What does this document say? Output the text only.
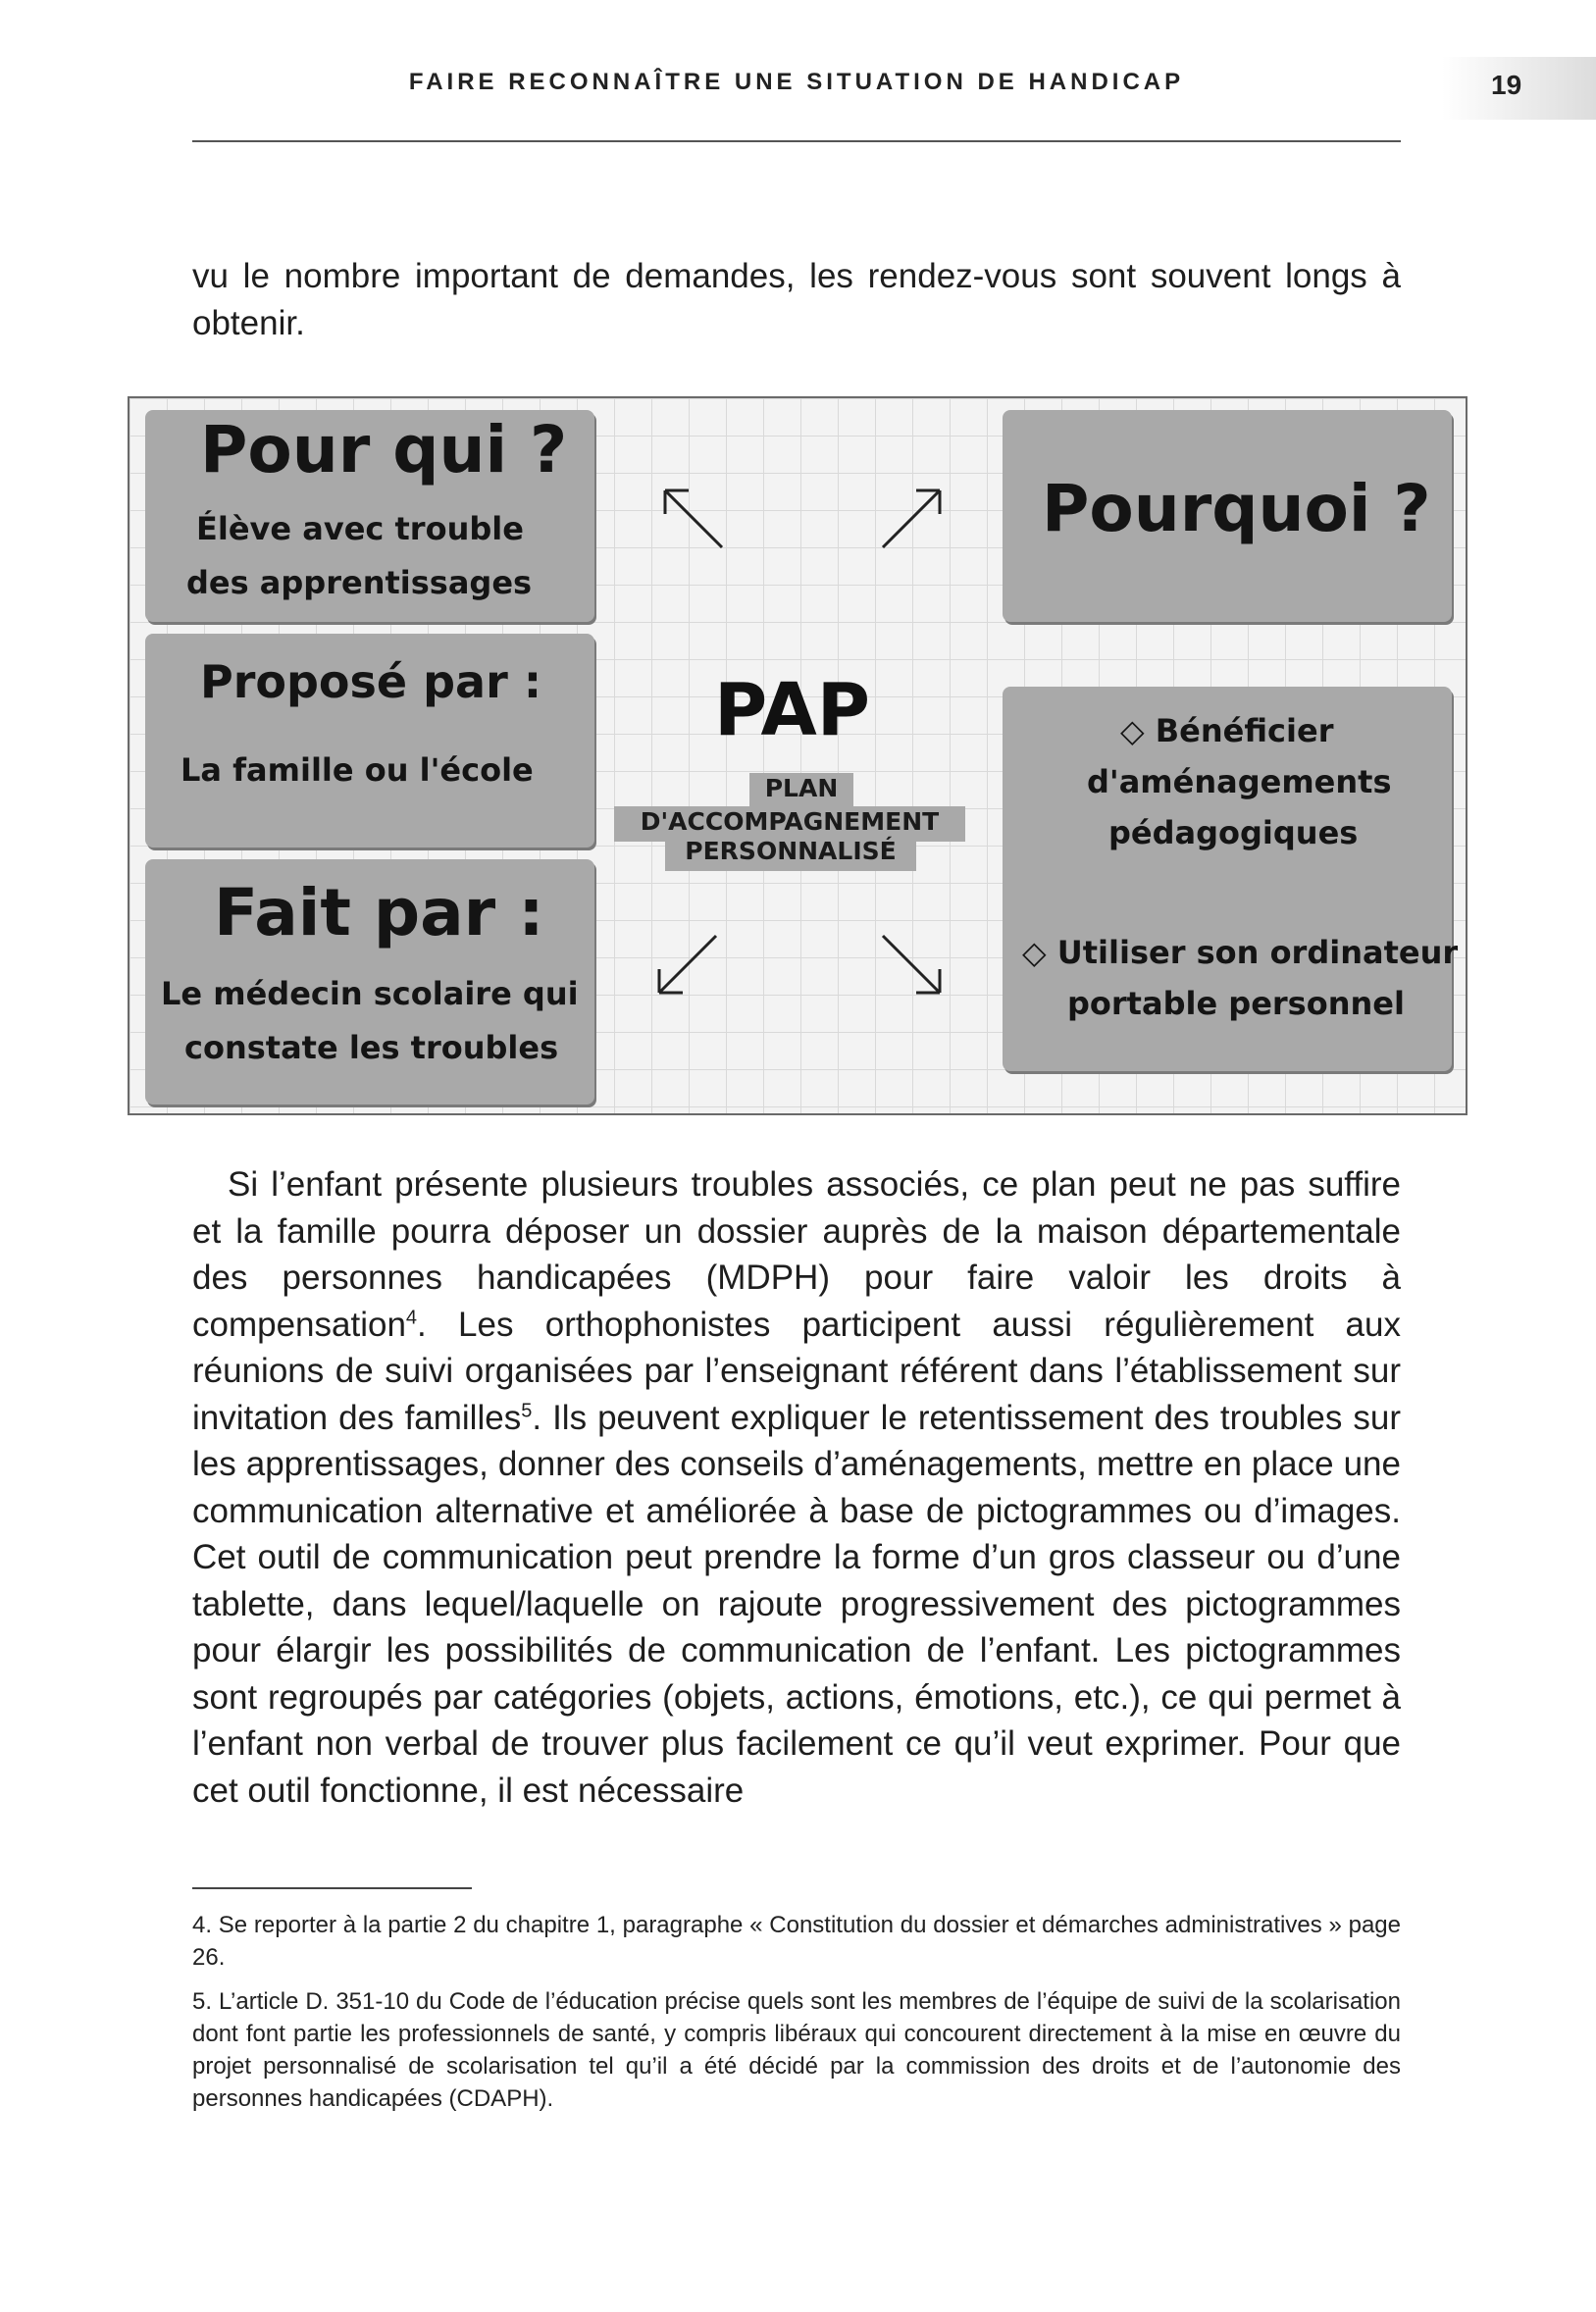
FAIRE RECONNAÎTRE UNE SITUATION DE HANDICAP	19

vu le nombre important de demandes, les rendez-vous sont souvent longs à obtenir.

Pour qui ?
Élève avec trouble
des apprentissages
Proposé par :
La famille ou l'école
Fait par :
Le médecin scolaire qui
constate les troubles
Pourquoi ?
◇ Bénéficier
d'aménagements
pédagogiques
◇ Utiliser son ordinateur
portable personnel
PAP
PLAN
D'ACCOMPAGNEMENT
PERSONNALISÉ

Si l’enfant présente plusieurs troubles associés, ce plan peut ne pas suffire et la famille pourra déposer un dossier auprès de la maison départementale des personnes handicapées (MDPH) pour faire valoir les droits à compensation$^4$. Les orthophonistes participent aussi régulièrement aux réunions de suivi organisées par l’enseignant référent dans l’établissement sur invitation des familles$^5$. Ils peuvent expliquer le retentissement des troubles sur les apprentissages, donner des conseils d’aménagements, mettre en place une communication alternative et améliorée à base de pictogrammes ou d’images. Cet outil de communication peut prendre la forme d’un gros classeur ou d’une tablette, dans lequel/laquelle on rajoute progressivement des pictogrammes pour élargir les possibilités de communication de l’enfant. Les pictogrammes sont regroupés par catégories (objets, actions, émotions, etc.), ce qui permet à l’enfant non verbal de trouver plus facilement ce qu’il veut exprimer. Pour que cet outil fonctionne, il est nécessaire

4. Se reporter à la partie 2 du chapitre 1, paragraphe « Constitution du dossier et démarches administratives » page 26.

5. L’article D. 351-10 du Code de l’éducation précise quels sont les membres de l’équipe de suivi de la scolarisation dont font partie les professionnels de santé, y compris libéraux qui concourent directement à la mise en œuvre du projet personnalisé de scolarisation tel qu’il a été décidé par la commission des droits et de l’autonomie des personnes handicapées (CDAPH).
